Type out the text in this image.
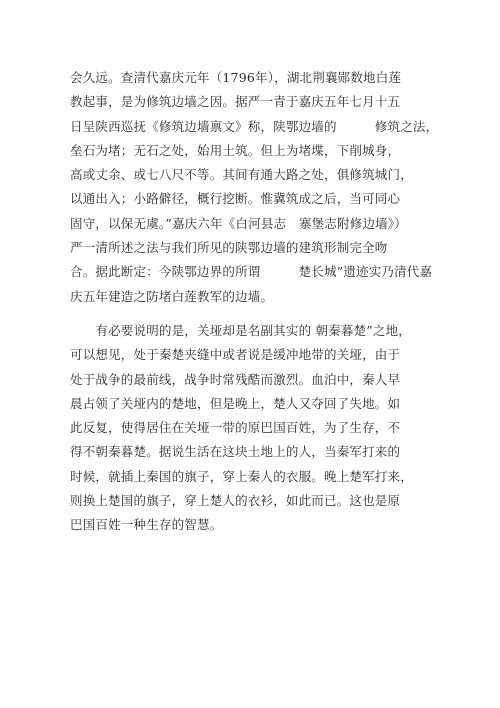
会久远。查清代嘉庆元年（1796年），湖北荆襄郧数地白莲
教起事，是为修筑边墙之因。据严一青于嘉庆五年七月十五
日呈陕西巡抚《修筑边墙禀文》称，陕鄂边墙的　　　修筑之法，
垒石为堵；无石之处，始用土筑。但上为堵堞，下削城身，
高或丈余、或七八尺不等。其间有通大路之处，俱修筑城门，
以通出入；小路僻径，概行挖断。惟冀筑成之后，当可同心
固守，以保无虞。”嘉庆六年《白河县志　寨堡志附修边墙》）
严一清所述之法与我们所见的陕鄂边墙的建筑形制完全吻
合。据此断定：今陕鄂边界的所谓　　　楚长城”遗迹实乃清代嘉
庆五年建造之防堵白莲教军的边墙。
　　有必要说明的是，关垭却是名副其实的 朝秦暮楚”之地，
可以想见，处于秦楚夹缝中或者说是缓冲地带的关垭，由于
处于战争的最前线，战争时常残酷而激烈。血泊中，秦人早
晨占领了关垭内的楚地，但是晚上，楚人又夺回了失地。如
此反复，使得居住在关垭一带的原巴国百姓，为了生存，不
得不朝秦暮楚。据说生活在这块土地上的人，当秦军打来的
时候，就插上秦国的旗子，穿上秦人的衣服。晚上楚军打来，
则换上楚国的旗子，穿上楚人的衣衫，如此而已。这也是原
巴国百姓一种生存的智慧。
